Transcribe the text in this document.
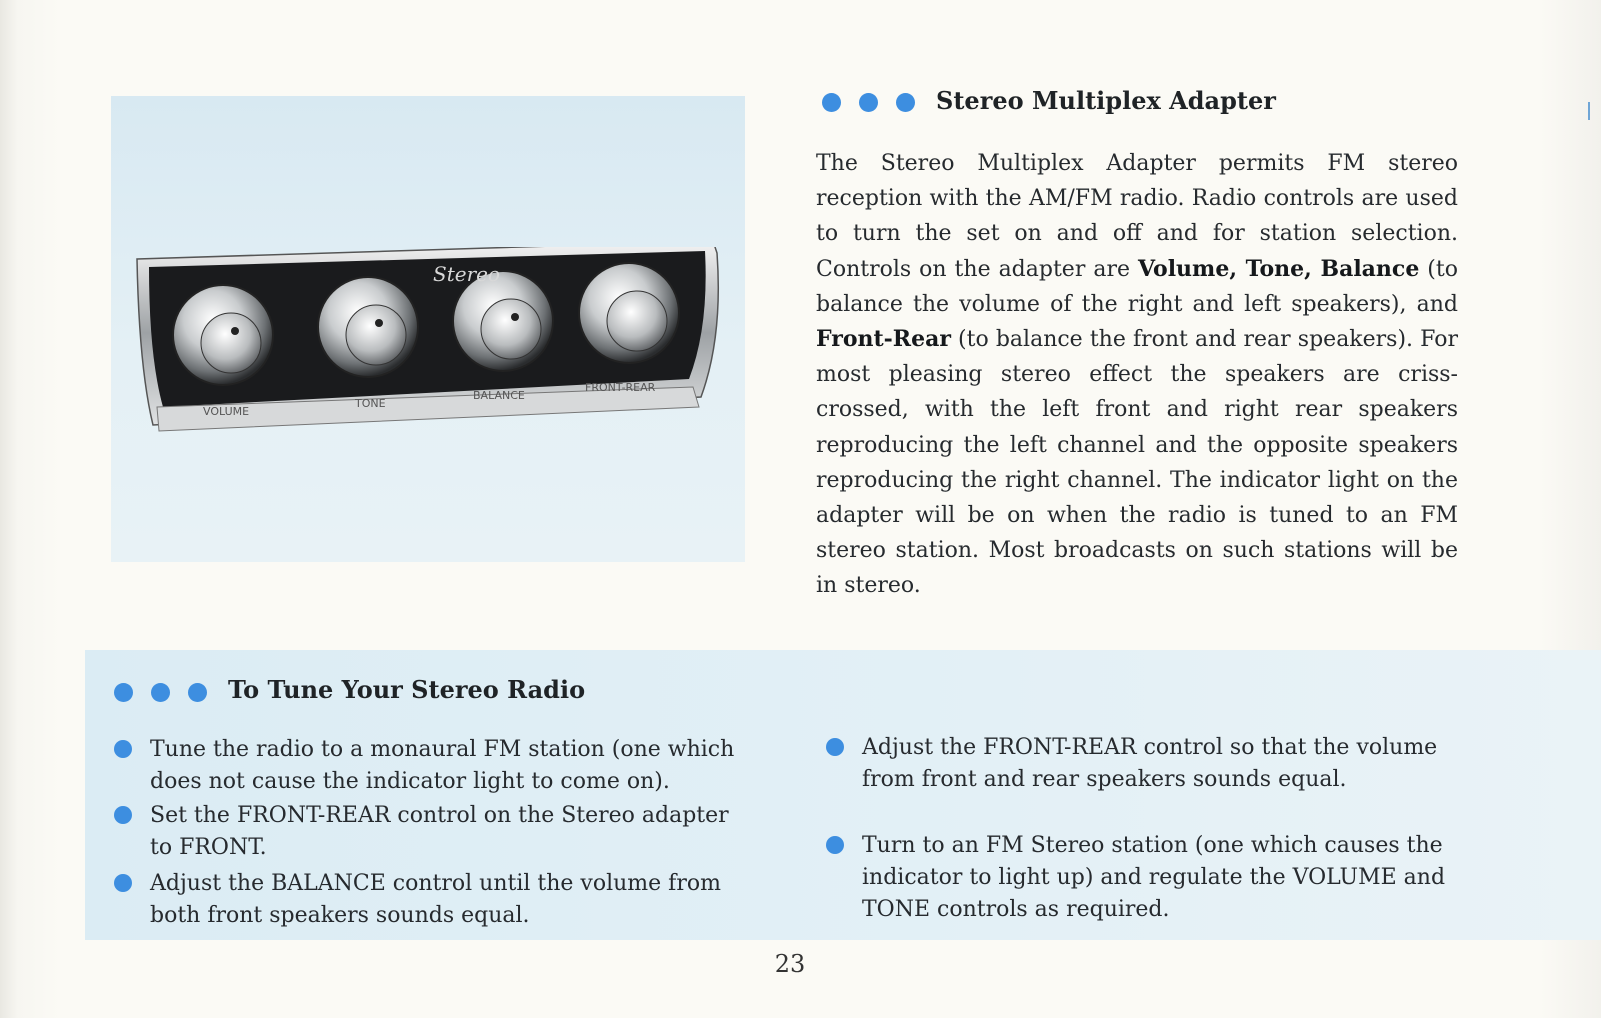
Stereo
VOLUME
TONE
BALANCE
FRONT-REAR
Stereo Multiplex Adapter
The Stereo Multiplex Adapter permits FM stereo reception with the AM/FM radio. Radio controls are used to turn the set on and off and for station selection. Controls on the adapter are Volume, Tone, Balance (to balance the volume of the right and left speakers), and Front-Rear (to balance the front and rear speakers). For most pleasing stereo effect the speakers are criss-crossed, with the left front and right rear speakers reproducing the left channel and the opposite speakers reproducing the right channel. The indicator light on the adapter will be on when the radio is tuned to an FM stereo station. Most broadcasts on such stations will be in stereo.
To Tune Your Stereo Radio
Tune the radio to a monaural FM station (one which does not cause the indicator light to come on).
Set the FRONT-REAR control on the Stereo adapter to FRONT.
Adjust the BALANCE control until the volume from both front speakers sounds equal.
Adjust the FRONT-REAR control so that the volume from front and rear speakers sounds equal.
Turn to an FM Stereo station (one which causes the indicator to light up) and regulate the VOLUME and TONE controls as required.
23
